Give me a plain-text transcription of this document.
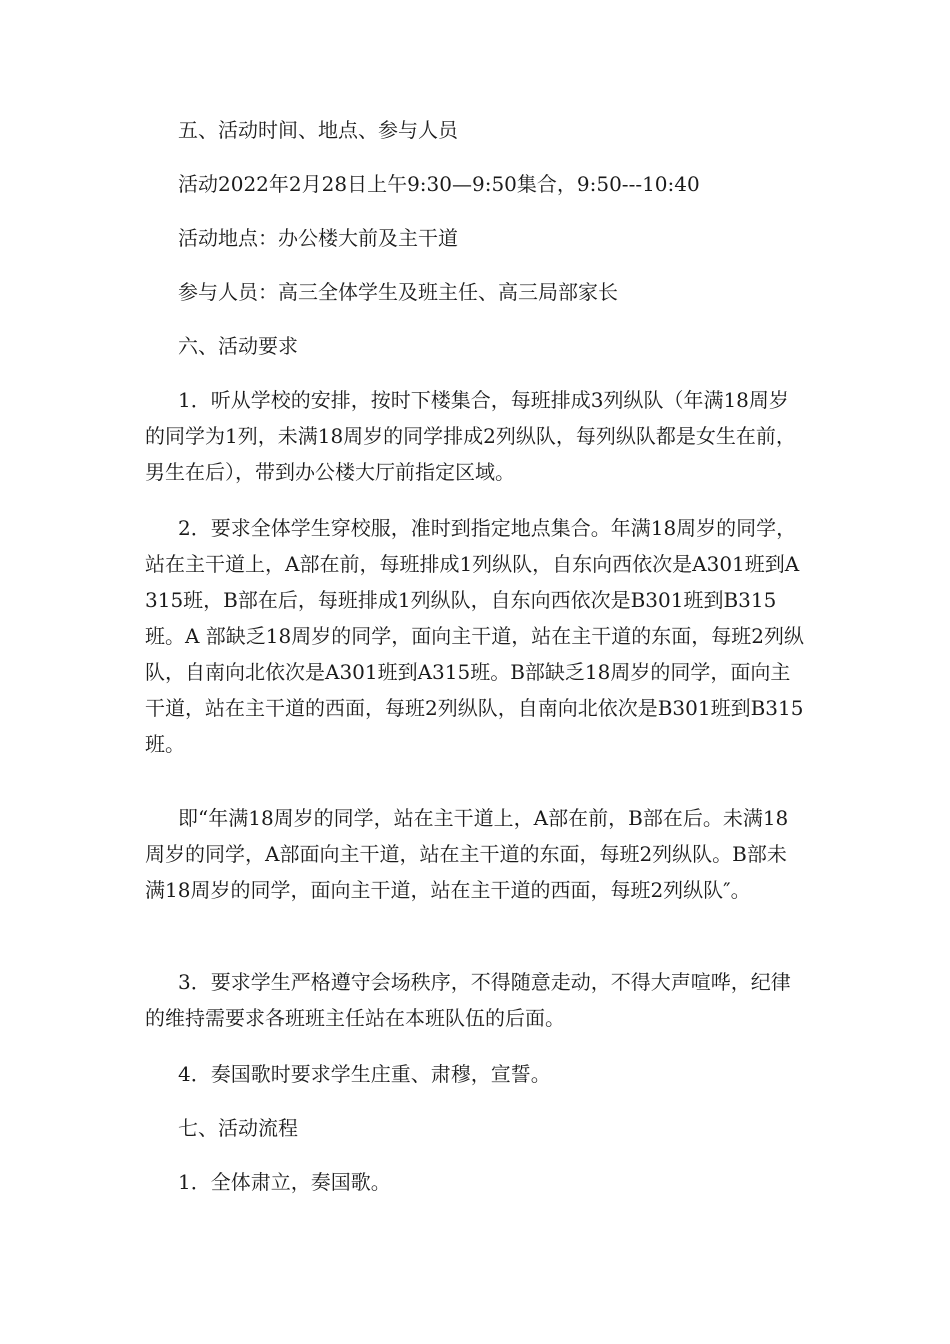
五、活动时间、地点、参与人员

活动2022年2月28日上午9:30—9:50集合，9:50---10:40

活动地点：办公楼大前及主干道

参与人员：高三全体学生及班主任、高三局部家长

六、活动要求

1．听从学校的安排，按时下楼集合，每班排成3列纵队（年满18周岁的同学为1列，未满18周岁的同学排成2列纵队，每列纵队都是女生在前，男生在后），带到办公楼大厅前指定区域。

2．要求全体学生穿校服，准时到指定地点集合。年满18周岁的同学，站在主干道上，A部在前，每班排成1列纵队，自东向西依次是A301班到A315班，B部在后，每班排成1列纵队，自东向西依次是B301班到B315班。A 部缺乏18周岁的同学，面向主干道，站在主干道的东面，每班2列纵队，自南向北依次是A301班到A315班。B部缺乏18周岁的同学，面向主干道，站在主干道的西面，每班2列纵队，自南向北依次是B301班到B315班。

即“年满18周岁的同学，站在主干道上，A部在前，B部在后。未满18周岁的同学，A部面向主干道，站在主干道的东面，每班2列纵队。B部未满18周岁的同学，面向主干道，站在主干道的西面，每班2列纵队″。

3．要求学生严格遵守会场秩序，不得随意走动，不得大声喧哗，纪律的维持需要求各班班主任站在本班队伍的后面。

4．奏国歌时要求学生庄重、肃穆，宣誓。

七、活动流程

1．全体肃立，奏国歌。
